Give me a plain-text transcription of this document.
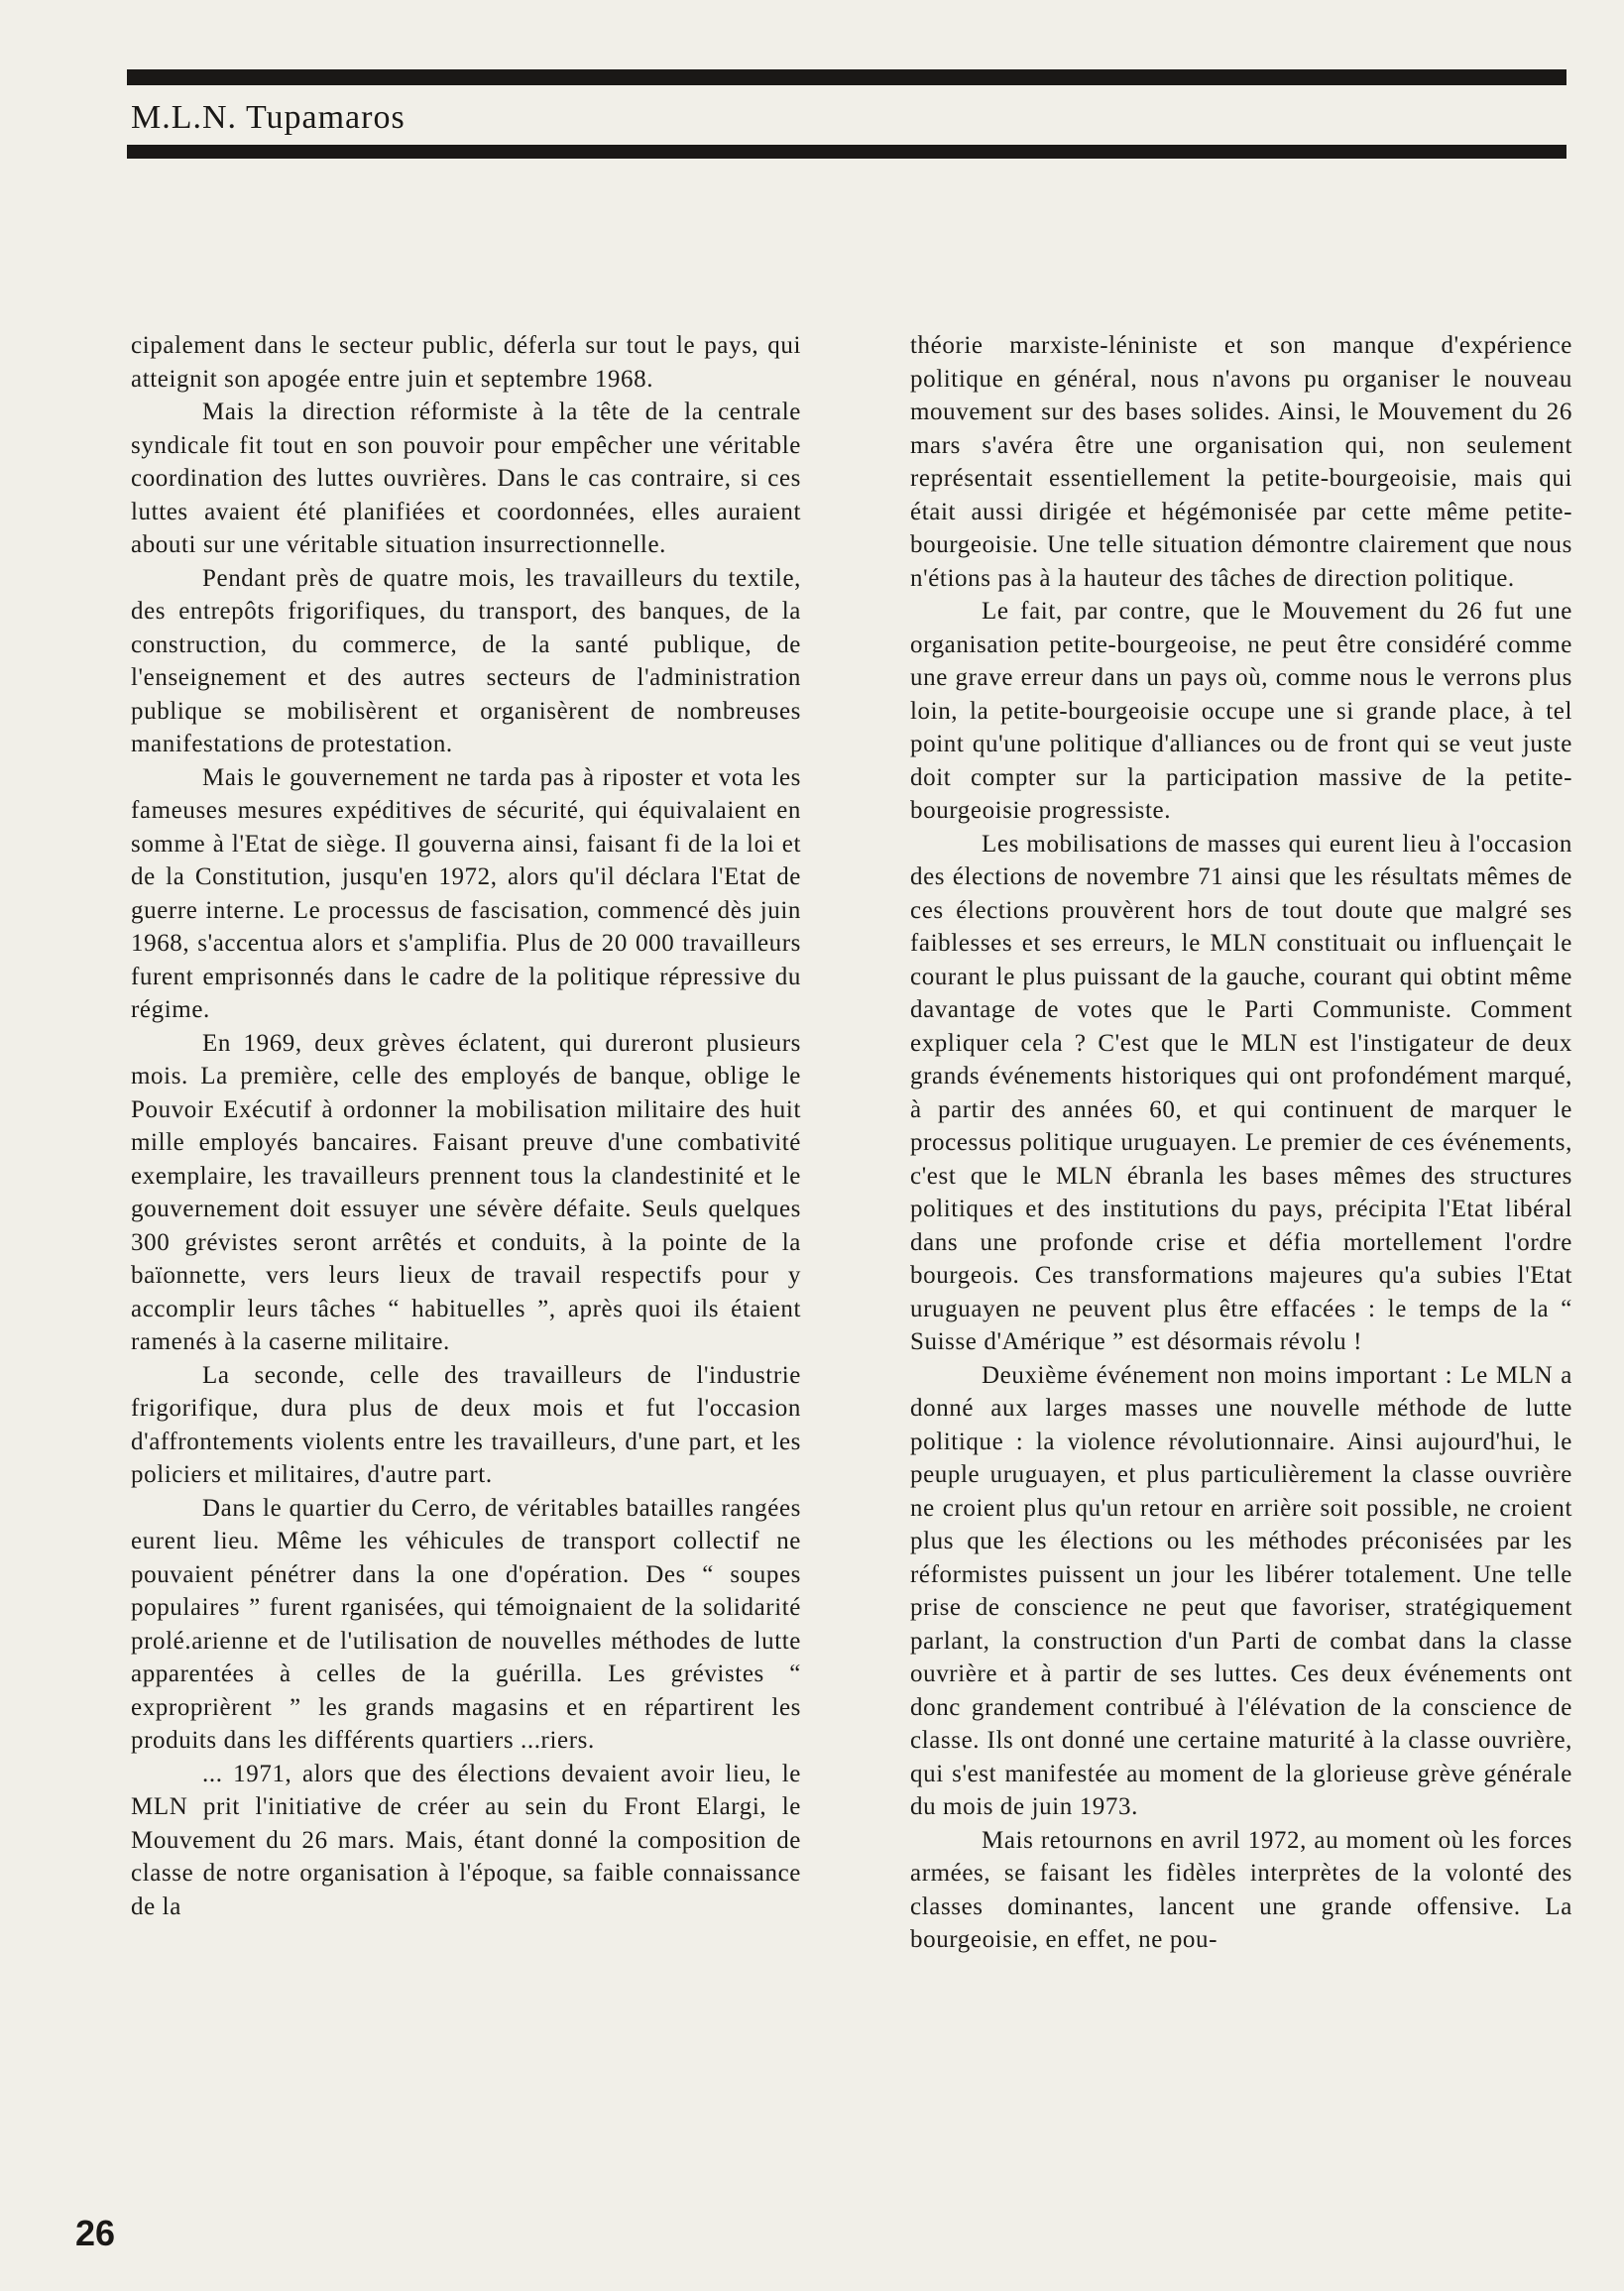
M.L.N. Tupamaros

cipalement dans le secteur public, déferla sur tout le pays, qui atteignit son apogée entre juin et septembre 1968.

Mais la direction réformiste à la tête de la centrale syndicale fit tout en son pouvoir pour empêcher une véritable coordination des luttes ouvrières. Dans le cas contraire, si ces luttes avaient été planifiées et coordonnées, elles auraient abouti sur une véritable situation insurrectionnelle.

Pendant près de quatre mois, les travailleurs du textile, des entrepôts frigorifiques, du transport, des banques, de la construction, du commerce, de la santé publique, de l'enseignement et des autres secteurs de l'administration publique se mobilisèrent et organisèrent de nombreuses manifestations de protestation.

Mais le gouvernement ne tarda pas à riposter et vota les fameuses mesures expéditives de sécurité, qui équivalaient en somme à l'Etat de siège. Il gouverna ainsi, faisant fi de la loi et de la Constitution, jusqu'en 1972, alors qu'il déclara l'Etat de guerre interne. Le processus de fascisation, commencé dès juin 1968, s'accentua alors et s'amplifia. Plus de 20 000 travailleurs furent emprisonnés dans le cadre de la politique répressive du régime.

En 1969, deux grèves éclatent, qui dureront plusieurs mois. La première, celle des employés de banque, oblige le Pouvoir Exécutif à ordonner la mobilisation militaire des huit mille employés bancaires. Faisant preuve d'une combativité exemplaire, les travailleurs prennent tous la clandestinité et le gouvernement doit essuyer une sévère défaite. Seuls quelques 300 grévistes seront arrêtés et conduits, à la pointe de la baïonnette, vers leurs lieux de travail respectifs pour y accomplir leurs tâches “ habituelles ”, après quoi ils étaient ramenés à la caserne militaire.

La seconde, celle des travailleurs de l'industrie frigorifique, dura plus de deux mois et fut l'occasion d'affrontements violents entre les travailleurs, d'une part, et les policiers et militaires, d'autre part.

Dans le quartier du Cerro, de véritables batailles rangées eurent lieu. Même les véhicules de transport collectif ne pouvaient pénétrer dans la one d'opération. Des “ soupes populaires ” furent rganisées, qui témoignaient de la solidarité prolé.arienne et de l'utilisation de nouvelles méthodes de lutte apparentées à celles de la guérilla. Les grévistes “ exproprièrent ” les grands magasins et en répartirent les produits dans les différents quartiers ...riers.

... 1971, alors que des élections devaient avoir lieu, le MLN prit l'initiative de créer au sein du Front Elargi, le Mouvement du 26 mars. Mais, étant donné la composition de classe de notre organisation à l'époque, sa faible connaissance de la

théorie marxiste-léniniste et son manque d'expérience politique en général, nous n'avons pu organiser le nouveau mouvement sur des bases solides. Ainsi, le Mouvement du 26 mars s'avéra être une organisation qui, non seulement représentait essentiellement la petite-bourgeoisie, mais qui était aussi dirigée et hégémonisée par cette même petite-bourgeoisie. Une telle situation démontre clairement que nous n'étions pas à la hauteur des tâches de direction politique.

Le fait, par contre, que le Mouvement du 26 fut une organisation petite-bourgeoise, ne peut être considéré comme une grave erreur dans un pays où, comme nous le verrons plus loin, la petite-bourgeoisie occupe une si grande place, à tel point qu'une politique d'alliances ou de front qui se veut juste doit compter sur la participation massive de la petite-bourgeoisie progressiste.

Les mobilisations de masses qui eurent lieu à l'occasion des élections de novembre 71 ainsi que les résultats mêmes de ces élections prouvèrent hors de tout doute que malgré ses faiblesses et ses erreurs, le MLN constituait ou influençait le courant le plus puissant de la gauche, courant qui obtint même davantage de votes que le Parti Communiste. Comment expliquer cela ? C'est que le MLN est l'instigateur de deux grands événements historiques qui ont profondément marqué, à partir des années 60, et qui continuent de marquer le processus politique uruguayen. Le premier de ces événements, c'est que le MLN ébranla les bases mêmes des structures politiques et des institutions du pays, précipita l'Etat libéral dans une profonde crise et défia mortellement l'ordre bourgeois. Ces transformations majeures qu'a subies l'Etat uruguayen ne peuvent plus être effacées : le temps de la “ Suisse d'Amérique ” est désormais révolu !

Deuxième événement non moins important : Le MLN a donné aux larges masses une nouvelle méthode de lutte politique : la violence révolutionnaire. Ainsi aujourd'hui, le peuple uruguayen, et plus particulièrement la classe ouvrière ne croient plus qu'un retour en arrière soit possible, ne croient plus que les élections ou les méthodes préconisées par les réformistes puissent un jour les libérer totalement. Une telle prise de conscience ne peut que favoriser, stratégiquement parlant, la construction d'un Parti de combat dans la classe ouvrière et à partir de ses luttes. Ces deux événements ont donc grandement contribué à l'élévation de la conscience de classe. Ils ont donné une certaine maturité à la classe ouvrière, qui s'est manifestée au moment de la glorieuse grève générale du mois de juin 1973.

Mais retournons en avril 1972, au moment où les forces armées, se faisant les fidèles interprètes de la volonté des classes dominantes, lancent une grande offensive. La bourgeoisie, en effet, ne pou-

26
